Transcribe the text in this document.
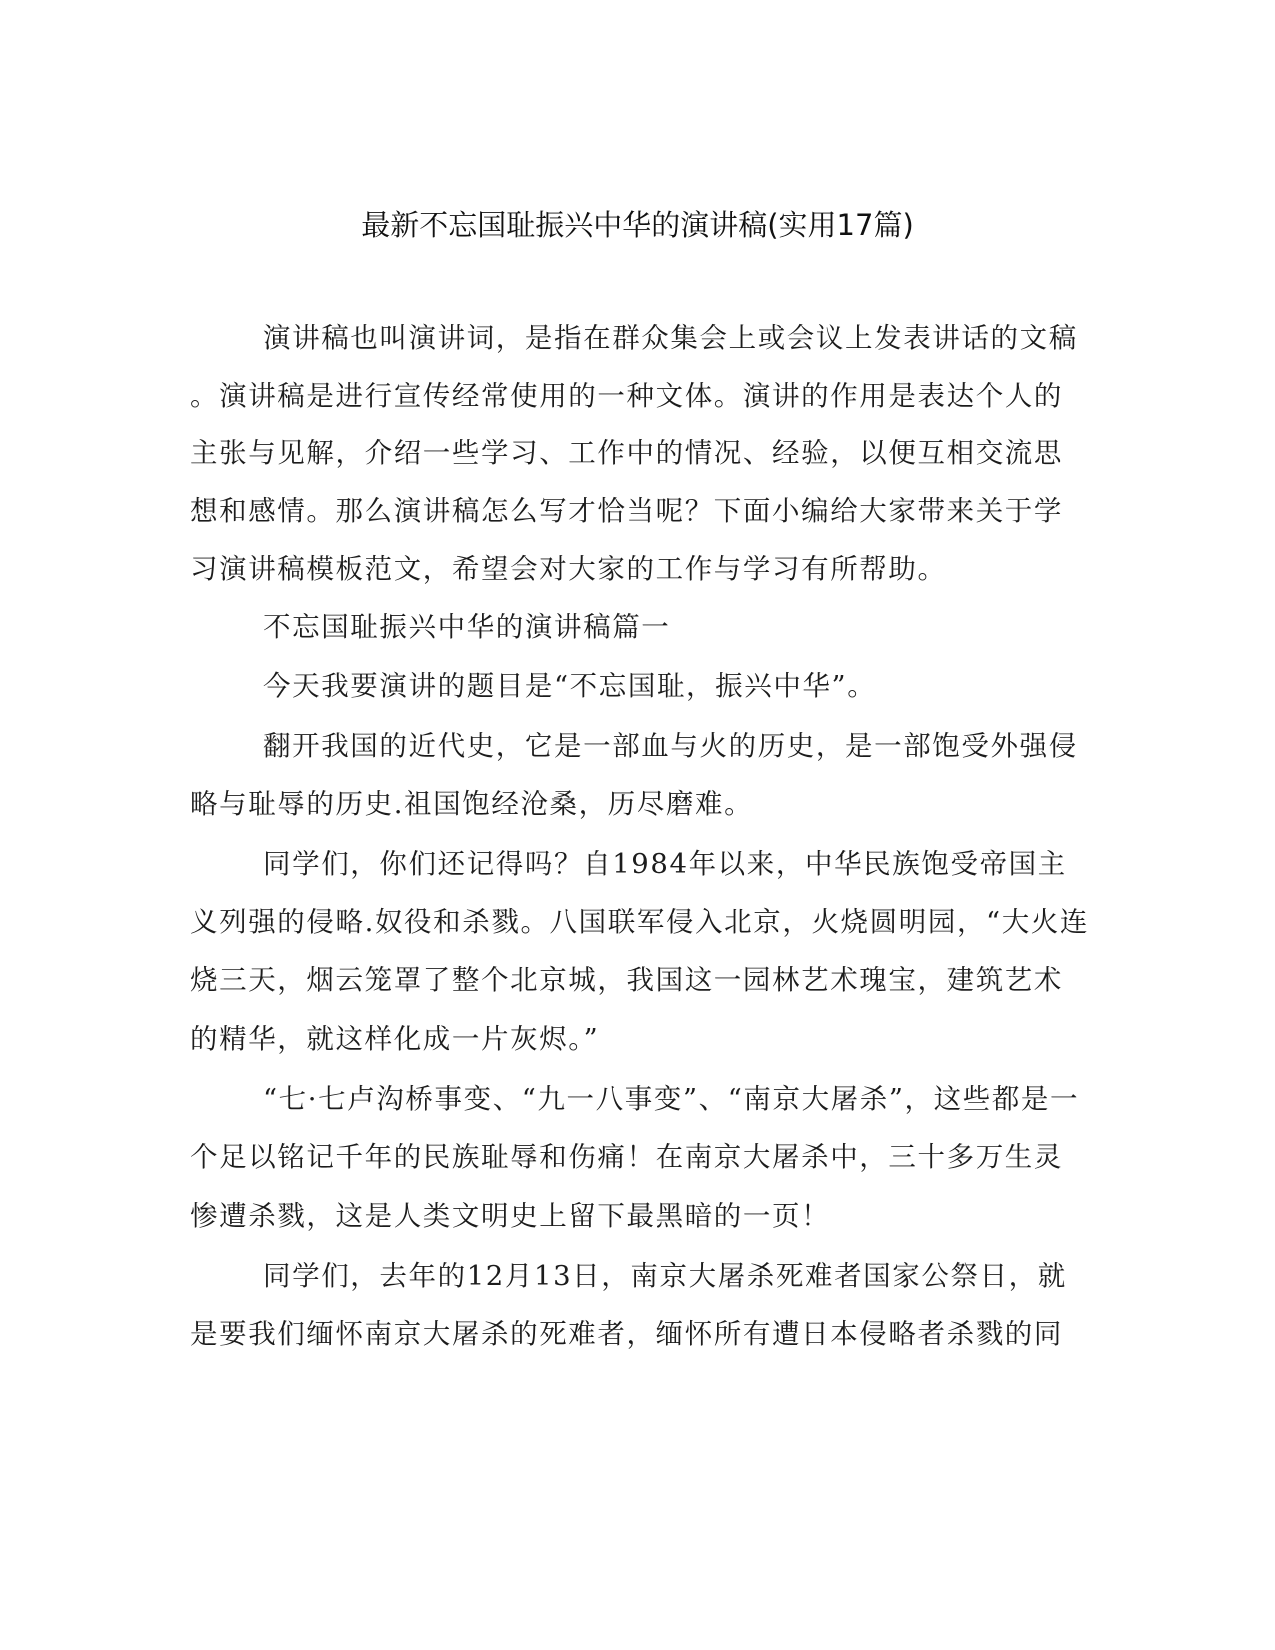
最新不忘国耻振兴中华的演讲稿(实用17篇)

演讲稿也叫演讲词，是指在群众集会上或会议上发表讲话的文稿

。演讲稿是进行宣传经常使用的一种文体。演讲的作用是表达个人的

主张与见解，介绍一些学习、工作中的情况、经验，以便互相交流思

想和感情。那么演讲稿怎么写才恰当呢？下面小编给大家带来关于学

习演讲稿模板范文，希望会对大家的工作与学习有所帮助。

不忘国耻振兴中华的演讲稿篇一

今天我要演讲的题目是“不忘国耻，振兴中华”。

翻开我国的近代史，它是一部血与火的历史，是一部饱受外强侵

略与耻辱的历史.祖国饱经沧桑，历尽磨难。

同学们，你们还记得吗？自1984年以来，中华民族饱受帝国主

义列强的侵略.奴役和杀戮。八国联军侵入北京，火烧圆明园，“大火连

烧三天，烟云笼罩了整个北京城，我国这一园林艺术瑰宝，建筑艺术

的精华，就这样化成一片灰烬。”

“七·七卢沟桥事变、“九一八事变”、“南京大屠杀”，这些都是一

个足以铭记千年的民族耻辱和伤痛！在南京大屠杀中，三十多万生灵

惨遭杀戮，这是人类文明史上留下最黑暗的一页！

同学们，去年的12月13日，南京大屠杀死难者国家公祭日，就

是要我们缅怀南京大屠杀的死难者，缅怀所有遭日本侵略者杀戮的同
